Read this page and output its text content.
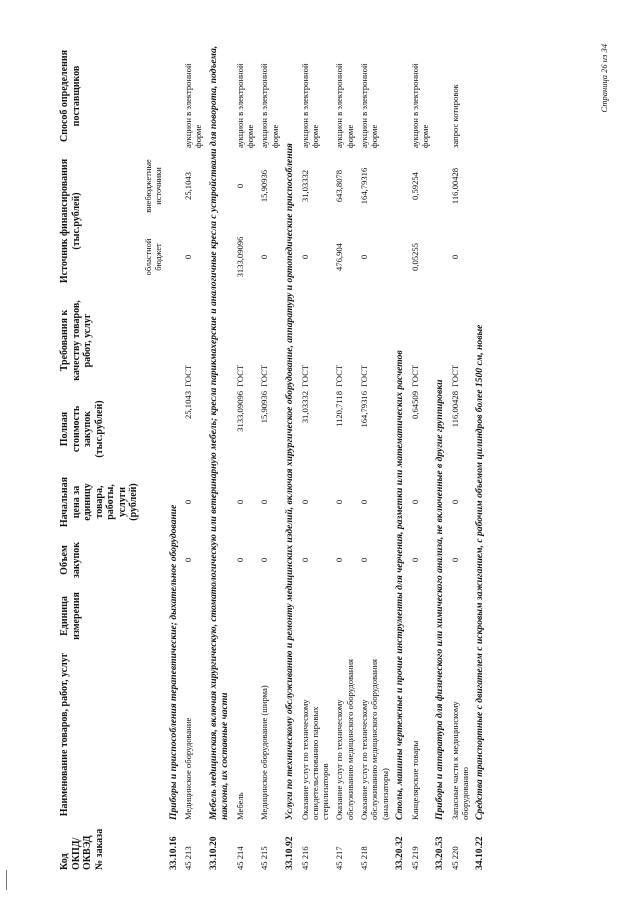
Код ОКПД/ ОКВЭД № заказа	Наименование товаров, работ, услуг	Единица измерения	Объем закупок	Начальная цена за единицу товара, работы, услуги (рублей)	Полная стоимость закупок (тыс.рублей)	Требования к качеству товаров, работ, услуг	Источник финансирования (тыс.рублей)		Способ определения поставщиков
							областной бюджет	внебюджетные источники	
33.10.16	Приборы и приспособления терапевтические; дыхательное оборудование								
45 213	Медицинское оборудование		0	0	25,1043	ГОСТ	0	25,1043	аукцион в электронной форме
33.10.20	Мебель медицинская, включая хирургическую, стоматологическую или ветеринарную мебель; кресла парикмахерские и аналогичные кресла с устройствами для поворота, подъема, наклона, их составные части								
45 214	Мебель		0	0	3133,09096	ГОСТ	3133,09096	0	аукцион в электронной форме
45 215	Медицинское оборудование (ширма)		0	0	15,90936	ГОСТ	0	15,90936	аукцион в электронной форме
33.10.92	Услуги по техническому обслуживанию и ремонту медицинских изделий, включая хирургическое оборудование, аппаратуру и ортопедические приспособления								
45 216	Оказание услуг по техническому освидетельствованию паровых стерилизаторов		0	0	31,03332	ГОСТ	0	31,03332	аукцион в электронной форме
45 217	Оказание услуг по техническому обслуживанию медицинского оборудования		0	0	1120,7118	ГОСТ	476,904	643,8078	аукцион в электронной форме
45 218	Оказание услуг по техническому обслуживанию медицинского оборудования (анализаторы)		0	0	164,79316	ГОСТ	0	164,79316	аукцион в электронной форме
33.20.32	Столы, машины чертежные и прочие инструменты для черчения, разметки или математических расчетов								
45 219	Канцелярские товары		0	0	0,64509	ГОСТ	0,05255	0,59254	аукцион в электронной форме
33.20.53	Приборы и аппаратура для физического или химического анализа, не включенные в другие группировки								
45 220	Запасные части к медицинскому оборудованию		0	0	116,00428	ГОСТ	0	116,00428	запрос котировок
34.10.22	Средства транспортные с двигателем с искровым зажиганием, с рабочим объемом цилиндров более 1500 см, новые								
Страница 26 из 34
